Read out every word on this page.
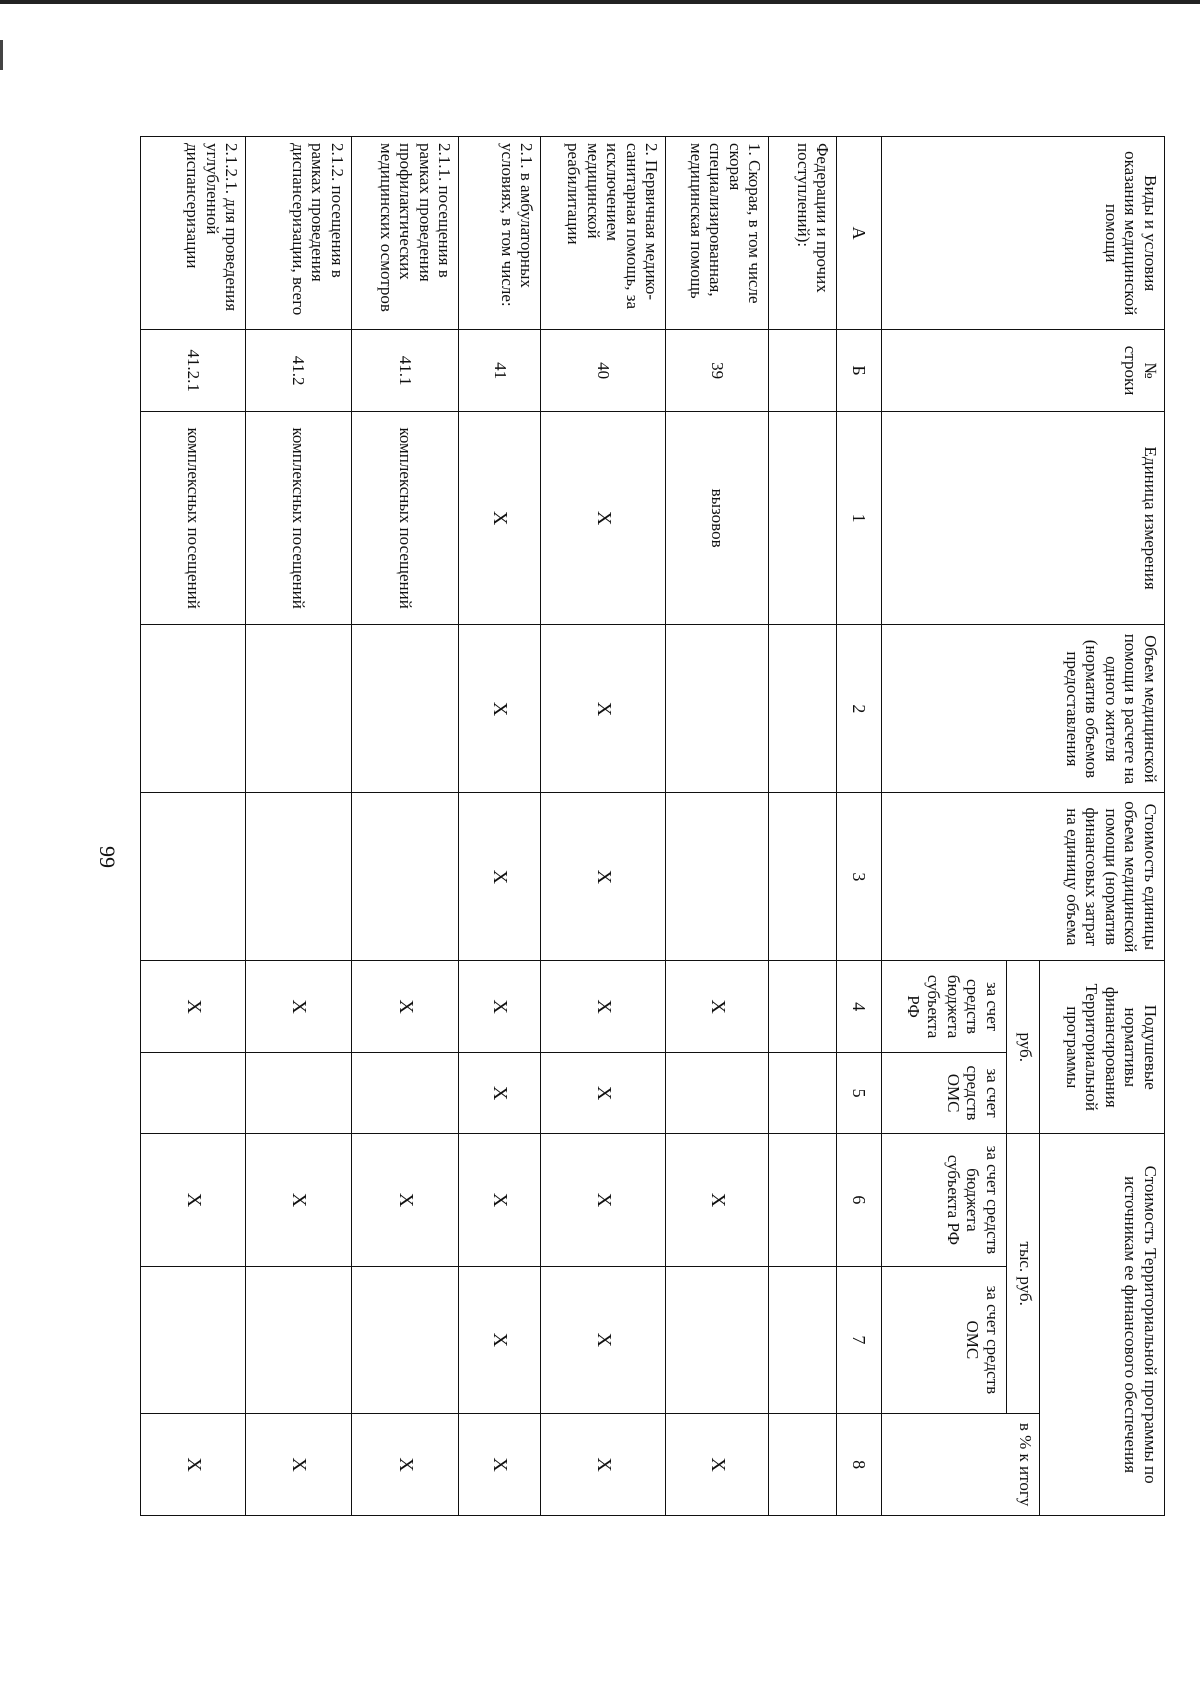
99
Виды и условия оказания медицинской помощи	№ строки	Единица измерения	Объем медицинской помощи в расчете на одного жителя (норматив объемов предоставления	Стоимость единицы объема медицинской помощи (норматив финансовых затрат на единицу объема	Подушевые нормативы финансирования Территориальной программы		Стоимость Территориальной программы по источникам ее финансового обеспечения		
					руб.		тыс. руб.		в % к итогу
					за счет средств бюджета субъекта РФ	за счет средств ОМС	за счет средств бюджета субъекта РФ	за счет средств ОМС	
А	Б	1	2	3	4	5	6	7	8
Федерации и прочих поступлений):									
1. Скорая, в том числе скорая специализированная, медицинская помощь	39	вызовов			X		X		X
2. Первичная медико-санитарная помощь, за исключением медицинской реабилитации	40	X	X	X	X	X	X	X	X
2.1. в амбулаторных условиях, в том числе:	41	X	X	X	X	X	X	X	X
2.1.1. посещения в рамках проведения профилактических медицинских осмотров	41.1	комплексных посещений			X		X		X
2.1.2. посещения в рамках проведения диспансеризации, всего	41.2	комплексных посещений			X		X		X
2.1.2.1. для проведения углубленной диспансеризации	41.2.1	комплексных посещений			X		X		X
